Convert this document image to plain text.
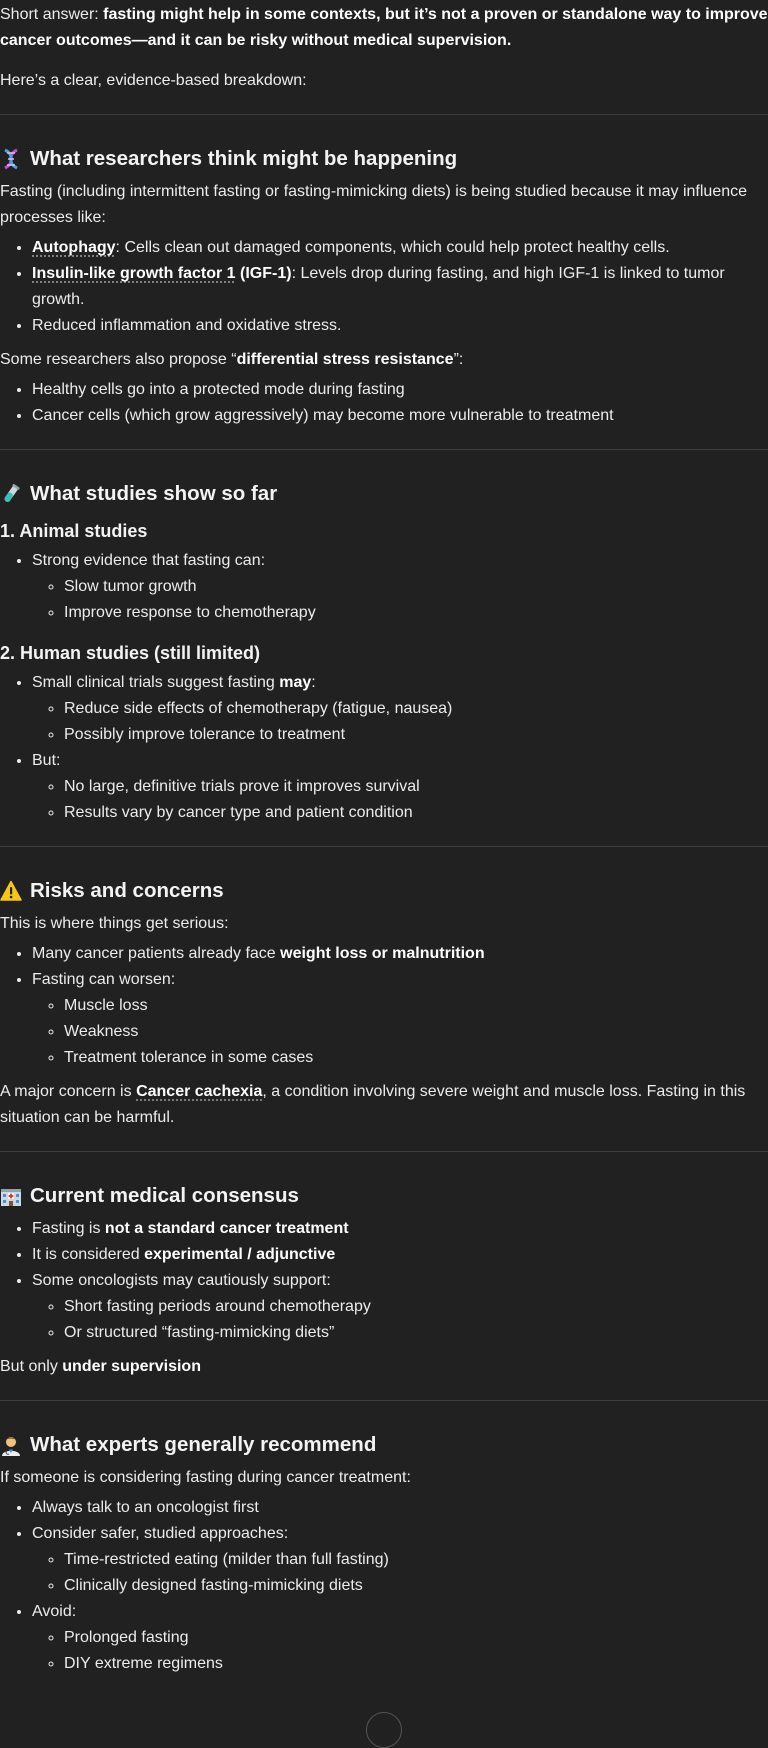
Short answer: fasting might help in some contexts, but it’s not a proven or standalone way to improve cancer outcomes—and it can be risky without medical supervision.

Here’s a clear, evidence-based breakdown:

What researchers think might be happening

Fasting (including intermittent fasting or fasting-mimicking diets) is being studied because it may influence processes like:

• Autophagy: Cells clean out damaged components, which could help protect healthy cells.
• Insulin-like growth factor 1 (IGF-1): Levels drop during fasting, and high IGF-1 is linked to tumor growth.
• Reduced inflammation and oxidative stress.

Some researchers also propose “differential stress resistance”:

• Healthy cells go into a protected mode during fasting
• Cancer cells (which grow aggressively) may become more vulnerable to treatment
What studies show so far
1. Animal studies
• Strong evidence that fasting can:
◦ Slow tumor growth
◦ Improve response to chemotherapy
2. Human studies (still limited)
• Small clinical trials suggest fasting may:
◦ Reduce side effects of chemotherapy (fatigue, nausea)
◦ Possibly improve tolerance to treatment
• But:
◦ No large, definitive trials prove it improves survival
◦ Results vary by cancer type and patient condition
Risks and concerns

This is where things get serious:

• Many cancer patients already face weight loss or malnutrition
• Fasting can worsen:
◦ Muscle loss
◦ Weakness
◦ Treatment tolerance in some cases

A major concern is Cancer cachexia, a condition involving severe weight and muscle loss. Fasting in this situation can be harmful.

Current medical consensus
• Fasting is not a standard cancer treatment
• It is considered experimental / adjunctive
• Some oncologists may cautiously support:
◦ Short fasting periods around chemotherapy
◦ Or structured “fasting-mimicking diets”

But only under supervision

What experts generally recommend

If someone is considering fasting during cancer treatment:

• Always talk to an oncologist first
• Consider safer, studied approaches:
◦ Time-restricted eating (milder than full fasting)
◦ Clinically designed fasting-mimicking diets
• Avoid:
◦ Prolonged fasting
◦ DIY extreme regimens
